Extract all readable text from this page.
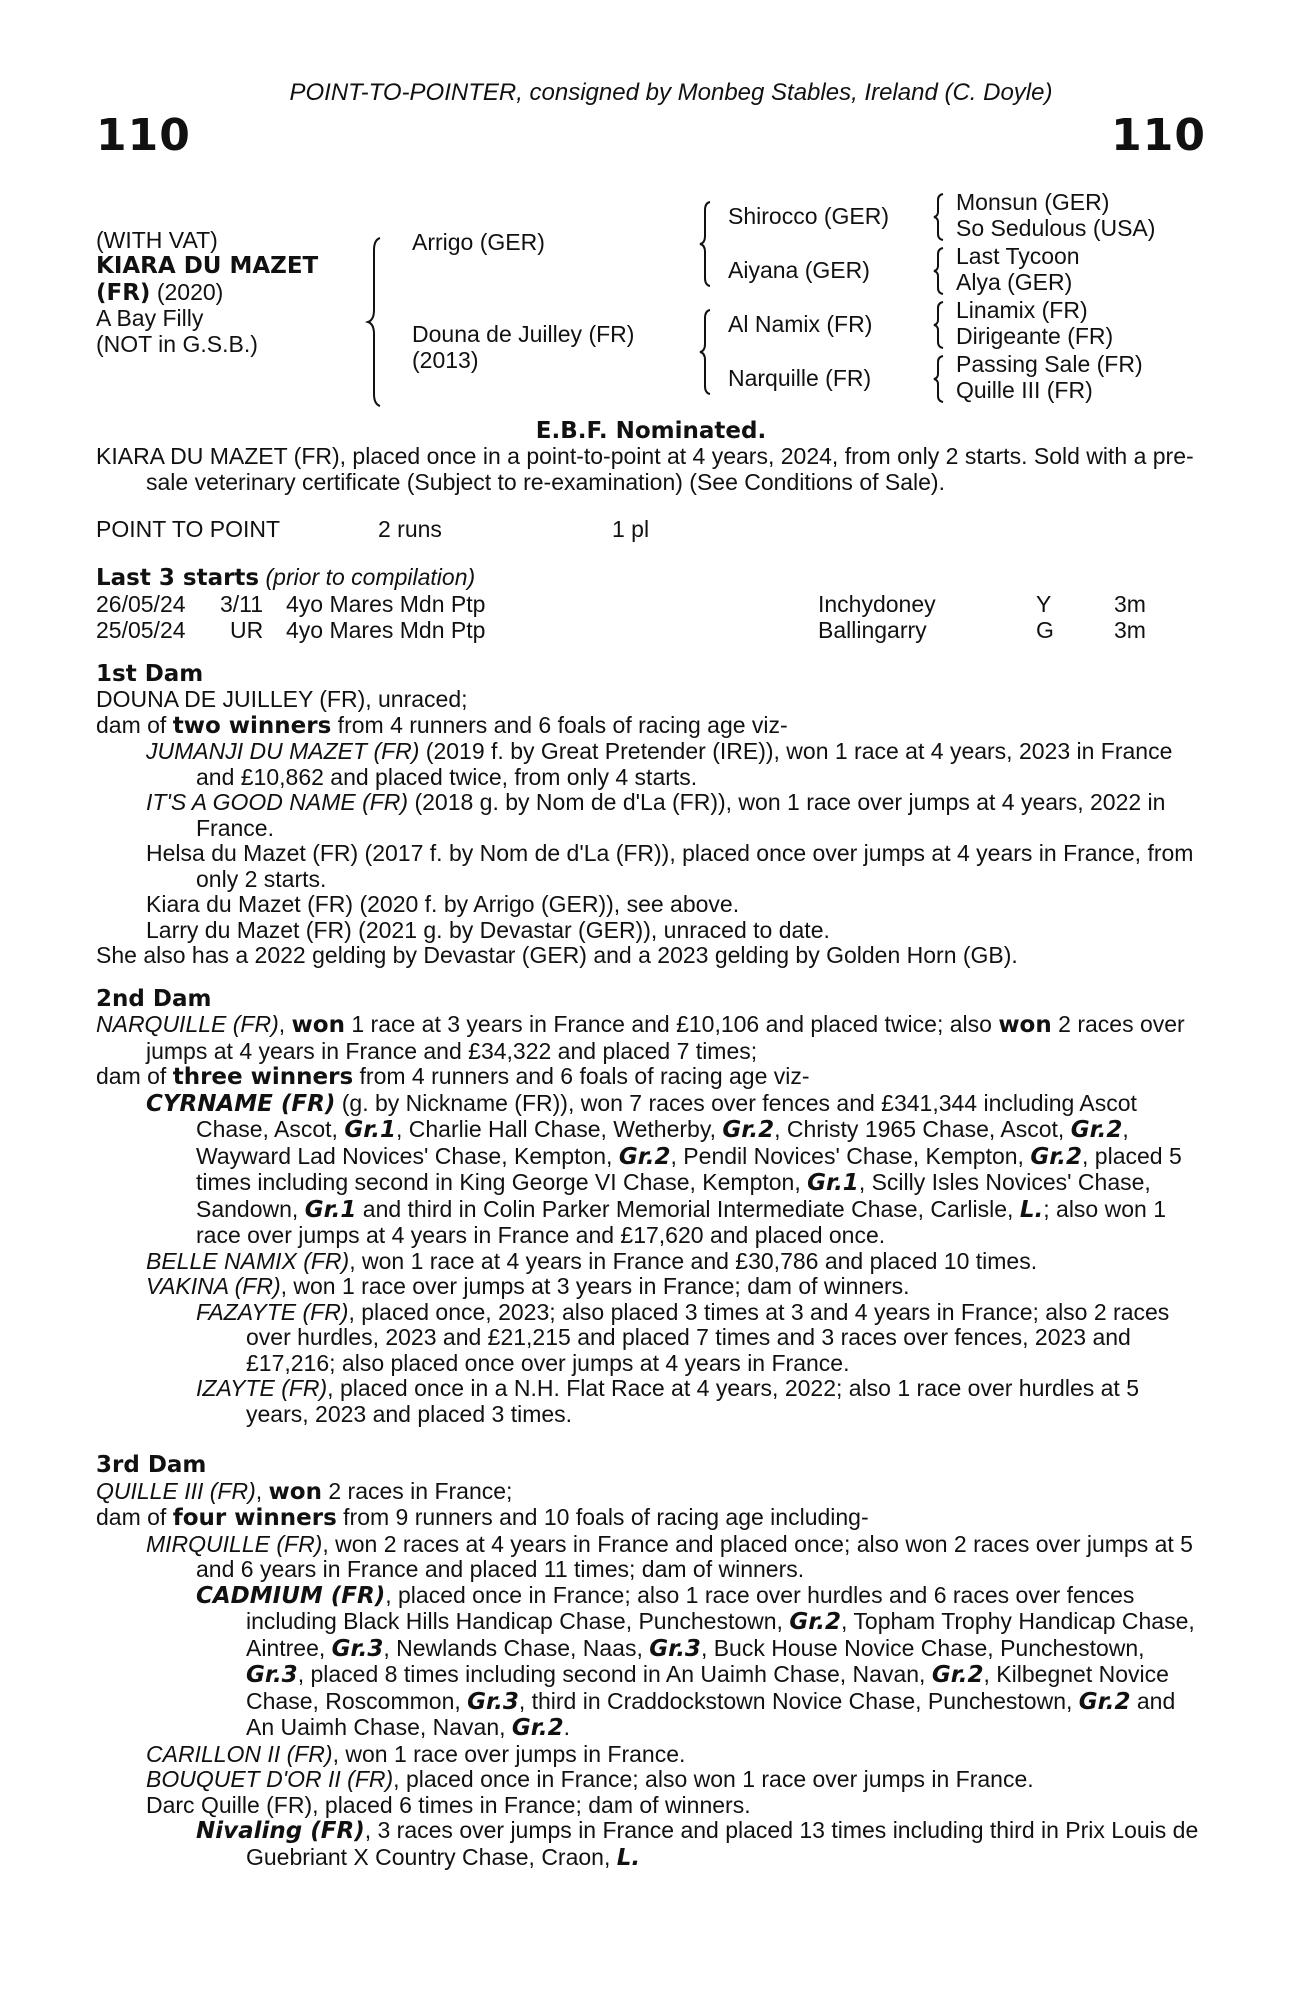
POINT-TO-POINTER, consigned by Monbeg Stables, Ireland (C. Doyle)
110	110
(WITH VAT)
KIARA DU MAZET
(FR) (2020)
A Bay Filly
(NOT in G.S.B.)
Arrigo (GER)
Douna de Juilley (FR)
(2013)
Shirocco (GER)
Aiyana (GER)
Al Namix (FR)
Narquille (FR)
Monsun (GER)
So Sedulous (USA)
Last Tycoon
Alya (GER)
Linamix (FR)
Dirigeante (FR)
Passing Sale (FR)
Quille III (FR)
E.B.F. Nominated.

KIARA DU MAZET (FR), placed once in a point-to-point at 4 years, 2024, from only 2 starts. Sold with a pre-sale veterinary certificate (Subject to re-examination) (See Conditions of Sale).

POINT TO POINT	2 runs	1 pl
Last 3 starts (prior to compilation)
26/05/24 3/11 4yo Mares Mdn Ptp	Inchydoney	Y	3m
25/05/24 UR 4yo Mares Mdn Ptp	Ballingarry	G	3m
1st Dam

DOUNA DE JUILLEY (FR), unraced;

dam of two winners from 4 runners and 6 foals of racing age viz-

JUMANJI DU MAZET (FR) (2019 f. by Great Pretender (IRE)), won 1 race at 4 years, 2023 in France and £10,862 and placed twice, from only 4 starts.

IT'S A GOOD NAME (FR) (2018 g. by Nom de d'La (FR)), won 1 race over jumps at 4 years, 2022 in France.

Helsa du Mazet (FR) (2017 f. by Nom de d'La (FR)), placed once over jumps at 4 years in France, from only 2 starts.

Kiara du Mazet (FR) (2020 f. by Arrigo (GER)), see above.

Larry du Mazet (FR) (2021 g. by Devastar (GER)), unraced to date.

She also has a 2022 gelding by Devastar (GER) and a 2023 gelding by Golden Horn (GB).

2nd Dam

NARQUILLE (FR), won 1 race at 3 years in France and £10,106 and placed twice; also won 2 races over jumps at 4 years in France and £34,322 and placed 7 times;

dam of three winners from 4 runners and 6 foals of racing age viz-

CYRNAME (FR) (g. by Nickname (FR)), won 7 races over fences and £341,344 including Ascot Chase, Ascot, Gr.1, Charlie Hall Chase, Wetherby, Gr.2, Christy 1965 Chase, Ascot, Gr.2, Wayward Lad Novices' Chase, Kempton, Gr.2, Pendil Novices' Chase, Kempton, Gr.2, placed 5 times including second in King George VI Chase, Kempton, Gr.1, Scilly Isles Novices' Chase, Sandown, Gr.1 and third in Colin Parker Memorial Intermediate Chase, Carlisle, L.; also won 1 race over jumps at 4 years in France and £17,620 and placed once.

BELLE NAMIX (FR), won 1 race at 4 years in France and £30,786 and placed 10 times.

VAKINA (FR), won 1 race over jumps at 3 years in France; dam of winners.

FAZAYTE (FR), placed once, 2023; also placed 3 times at 3 and 4 years in France; also 2 races over hurdles, 2023 and £21,215 and placed 7 times and 3 races over fences, 2023 and £17,216; also placed once over jumps at 4 years in France.

IZAYTE (FR), placed once in a N.H. Flat Race at 4 years, 2022; also 1 race over hurdles at 5 years, 2023 and placed 3 times.

3rd Dam

QUILLE III (FR), won 2 races in France;

dam of four winners from 9 runners and 10 foals of racing age including-

MIRQUILLE (FR), won 2 races at 4 years in France and placed once; also won 2 races over jumps at 5 and 6 years in France and placed 11 times; dam of winners.

CADMIUM (FR), placed once in France; also 1 race over hurdles and 6 races over fences including Black Hills Handicap Chase, Punchestown, Gr.2, Topham Trophy Handicap Chase, Aintree, Gr.3, Newlands Chase, Naas, Gr.3, Buck House Novice Chase, Punchestown, Gr.3, placed 8 times including second in An Uaimh Chase, Navan, Gr.2, Kilbegnet Novice Chase, Roscommon, Gr.3, third in Craddockstown Novice Chase, Punchestown, Gr.2 and An Uaimh Chase, Navan, Gr.2.

CARILLON II (FR), won 1 race over jumps in France.

BOUQUET D'OR II (FR), placed once in France; also won 1 race over jumps in France.

Darc Quille (FR), placed 6 times in France; dam of winners.

Nivaling (FR), 3 races over jumps in France and placed 13 times including third in Prix Louis de Guebriant X Country Chase, Craon, L.
